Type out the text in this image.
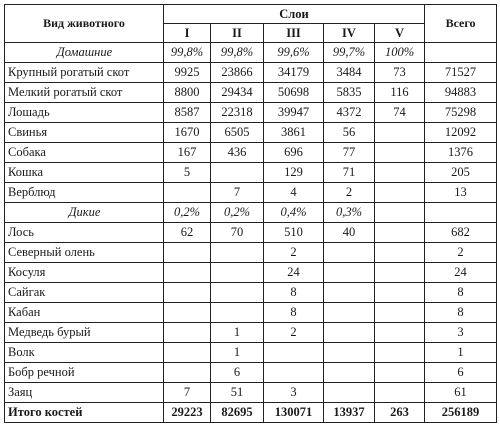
Вид животного	Слои					Всего
	I	II	III	IV	V	
Домашние	99,8%	99,8%	99,6%	99,7%	100%	
Крупный рогатый скот	9925	23866	34179	3484	73	71527
Мелкий рогатый скот	8800	29434	50698	5835	116	94883
Лошадь	8587	22318	39947	4372	74	75298
Свинья	1670	6505	3861	56		12092
Собака	167	436	696	77		1376
Кошка	5		129	71		205
Верблюд		7	4	2		13
Дикие	0,2%	0,2%	0,4%	0,3%		
Лось	62	70	510	40		682
Северный олень			2			2
Косуля			24			24
Сайгак			8			8
Кабан			8			8
Медведь бурый		1	2			3
Волк		1				1
Бобр речной		6				6
Заяц	7	51	3			61
Итого костей	29223	82695	130071	13937	263	256189
